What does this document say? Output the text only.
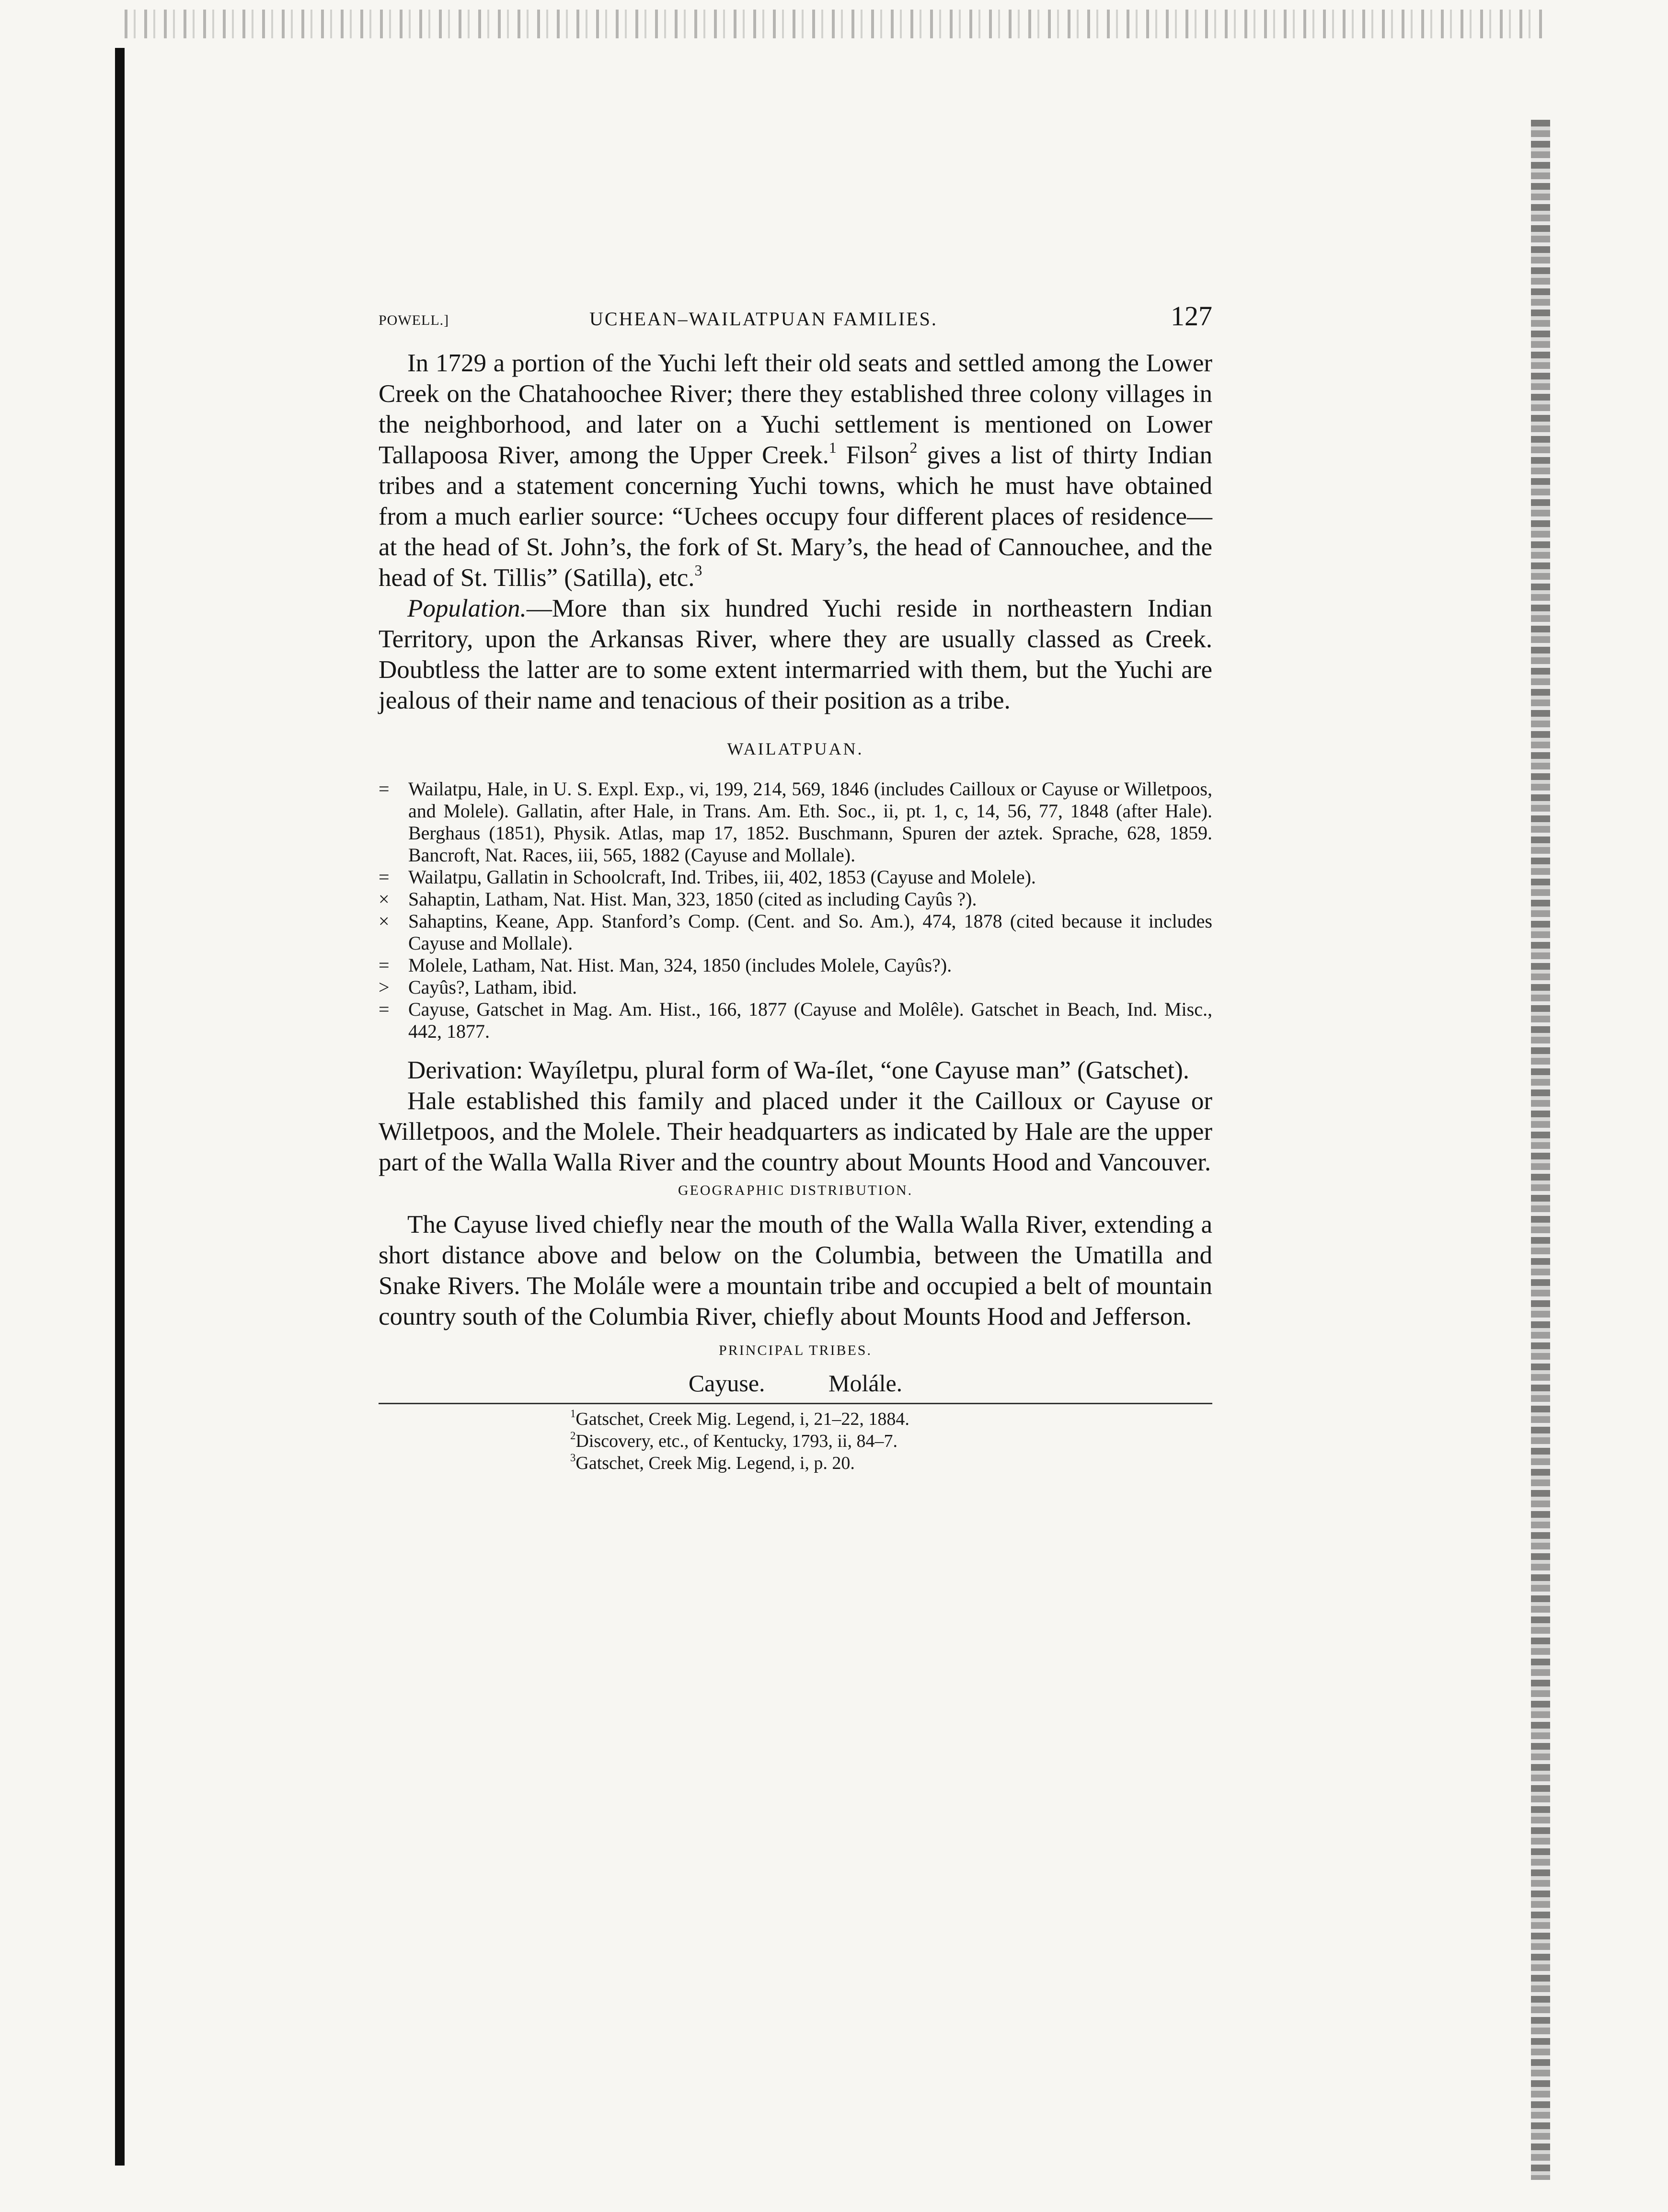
POWELL.]	UCHEAN–WAILATPUAN FAMILIES.	127

In 1729 a portion of the Yuchi left their old seats and settled among the Lower Creek on the Chatahoochee River; there they established three colony villages in the neighborhood, and later on a Yuchi settlement is mentioned on Lower Tallapoosa River, among the Upper Creek.$^1$ Filson$^2$ gives a list of thirty Indian tribes and a statement concerning Yuchi towns, which he must have obtained from a much earlier source: “Uchees occupy four different places of residence—at the head of St. John’s, the fork of St. Mary’s, the head of Cannouchee, and the head of St. Tillis” (Satilla), etc.$^3$

Population.—More than six hundred Yuchi reside in northeastern Indian Territory, upon the Arkansas River, where they are usually classed as Creek. Doubtless the latter are to some extent intermarried with them, but the Yuchi are jealous of their name and tenacious of their position as a tribe.

WAILATPUAN.

= Wailatpu, Hale, in U. S. Expl. Exp., vi, 199, 214, 569, 1846 (includes Cailloux or Cayuse or Willetpoos, and Molele). Gallatin, after Hale, in Trans. Am. Eth. Soc., ii, pt. 1, c, 14, 56, 77, 1848 (after Hale). Berghaus (1851), Physik. Atlas, map 17, 1852. Buschmann, Spuren der aztek. Sprache, 628, 1859. Bancroft, Nat. Races, iii, 565, 1882 (Cayuse and Mollale).

= Wailatpu, Gallatin in Schoolcraft, Ind. Tribes, iii, 402, 1853 (Cayuse and Molele).

× Sahaptin, Latham, Nat. Hist. Man, 323, 1850 (cited as including Cayûs ?).

× Sahaptins, Keane, App. Stanford’s Comp. (Cent. and So. Am.), 474, 1878 (cited because it includes Cayuse and Mollale).

= Molele, Latham, Nat. Hist. Man, 324, 1850 (includes Molele, Cayûs?).

> Cayûs?, Latham, ibid.

= Cayuse, Gatschet in Mag. Am. Hist., 166, 1877 (Cayuse and Molêle). Gatschet in Beach, Ind. Misc., 442, 1877.

Derivation: Wayíletpu, plural form of Wa-ílet, “one Cayuse man” (Gatschet).

Hale established this family and placed under it the Cailloux or Cayuse or Willetpoos, and the Molele. Their headquarters as indicated by Hale are the upper part of the Walla Walla River and the country about Mounts Hood and Vancouver.

GEOGRAPHIC DISTRIBUTION.

The Cayuse lived chiefly near the mouth of the Walla Walla River, extending a short distance above and below on the Columbia, between the Umatilla and Snake Rivers. The Molále were a mountain tribe and occupied a belt of mountain country south of the Columbia River, chiefly about Mounts Hood and Jefferson.

PRINCIPAL TRIBES.
Cayuse.	Molále.

$^1$Gatschet, Creek Mig. Legend, i, 21–22, 1884.

$^2$Discovery, etc., of Kentucky, 1793, ii, 84–7.

$^3$Gatschet, Creek Mig. Legend, i, p. 20.
